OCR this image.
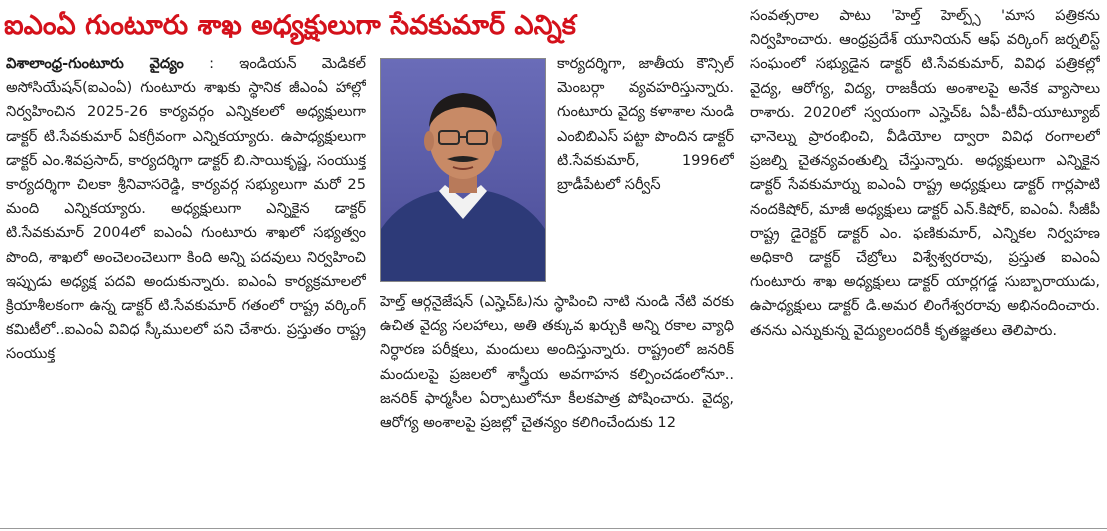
ఐఎంఏ గుంటూరు శాఖ అధ్యక్షులుగా సేవకుమార్ ఎన్నిక

విశాలాంధ్ర-గుంటూరు వైద్యం : ఇండియన్ మెడికల్ అసోసియేషన్(ఐఎంఏ) గుంటూరు శాఖకు స్థానిక జీఎంఏ హాల్లో నిర్వహించిన 2025-26 కార్యవర్గం ఎన్నికలలో అధ్యక్షులుగా డాక్టర్ టి.సేవకుమార్ ఏకగ్రీవంగా ఎన్నికయ్యారు. ఉపాధ్యక్షులుగా డాక్టర్ ఎం.శివప్రసాద్, కార్యదర్శిగా డాక్టర్ బి.సాయికృష్ణ, సంయుక్త కార్యదర్శిగా చిలకా శ్రీనివాసరెడ్డి, కార్యవర్గ సభ్యులుగా మరో 25 మంది ఎన్నికయ్యారు. అధ్యక్షులుగా ఎన్నికైన డాక్టర్ టి.సేవకుమార్ 2004లో ఐఎంఏ గుంటూరు శాఖలో సభ్యత్వం పొంది, శాఖలో అంచెలంచెలుగా కింది అన్ని పదవులు నిర్వహించి ఇప్పుడు అధ్యక్ష పదవి అందుకున్నారు. ఐఎంఏ కార్యక్రమాలలో క్రియాశీలకంగా ఉన్న డాక్టర్ టి.సేవకుమార్ గతంలో రాష్ట్ర వర్కింగ్ కమిటీలో..ఐఎంఏ వివిధ స్కీములలో పని చేశారు. ప్రస్తుతం రాష్ట్ర సంయుక్త

కార్యదర్శిగా, జాతీయ కౌన్సిల్ మెంబర్గా వ్యవహరిస్తున్నారు. గుంటూరు వైద్య కళాశాల నుండి ఎంబిబిఎస్ పట్టా పొందిన డాక్టర్ టి.సేవకుమార్, 1996లో బ్రాడీపేటలో సర్వీస్

హెల్త్ ఆర్గనైజేషన్ (ఎస్హెచ్ఓ)ను స్థాపించి నాటి నుండి నేటి వరకు ఉచిత వైద్య సలహాలు, అతి తక్కువ ఖర్చుకి అన్ని రకాల వ్యాధి నిర్ధారణ పరీక్షలు, మందులు అందిస్తున్నారు. రాష్ట్రంలో జనరిక్ మందులపై ప్రజలలో శాస్త్రీయ అవగాహన కల్పించడంలోనూ.. జనరిక్ ఫార్మసీల ఏర్పాటులోనూ కీలకపాత్ర పోషించారు. వైద్య, ఆరోగ్య అంశాలపై ప్రజల్లో చైతన్యం కలిగించేందుకు 12

సంవత్సరాల పాటు 'హెల్త్ హెల్ప్స్ 'మాస పత్రికను నిర్వహించారు. ఆంధ్రప్రదేశ్ యూనియన్ ఆఫ్ వర్కింగ్ జర్నలిస్ట్ సంఘంలో సభ్యుడైన డాక్టర్ టి.సేవకుమార్, వివిధ పత్రికల్లో వైద్య, ఆరోగ్య, విద్య, రాజకీయ అంశాలపై అనేక వ్యాసాలు రాశారు. 2020లో స్వయంగా ఎస్హెచ్ఓ ఏపీ-టీవీ-యూట్యూబ్ ఛానెల్ను ప్రారంభించి, వీడియోల ద్వారా వివిధ రంగాలలో ప్రజల్ని చైతన్యవంతుల్ని చేస్తున్నారు. అధ్యక్షులుగా ఎన్నికైన డాక్టర్ సేవకుమార్ను ఐఎంఏ రాష్ట్ర అధ్యక్షులు డాక్టర్ గార్లపాటి నందకిషోర్, మాజీ అధ్యక్షులు డాక్టర్ ఎన్.కిషోర్, ఐఎంఏ. సీజీపీ రాష్ట్ర డైరెక్టర్ డాక్టర్ ఎం. ఫణికుమార్, ఎన్నికల నిర్వహణ అధికారి డాక్టర్ చేబ్రోలు విశ్వేశ్వరరావు, ప్రస్తుత ఐఎంఏ గుంటూరు శాఖ అధ్యక్షులు డాక్టర్ యార్లగడ్డ సుబ్బారాయుడు, ఉపాధ్యక్షులు డాక్టర్ డి.అమర లింగేశ్వరరావు అభినందించారు. తనను ఎన్నుకున్న వైద్యులందరికీ కృతజ్ఞతలు తెలిపారు.
